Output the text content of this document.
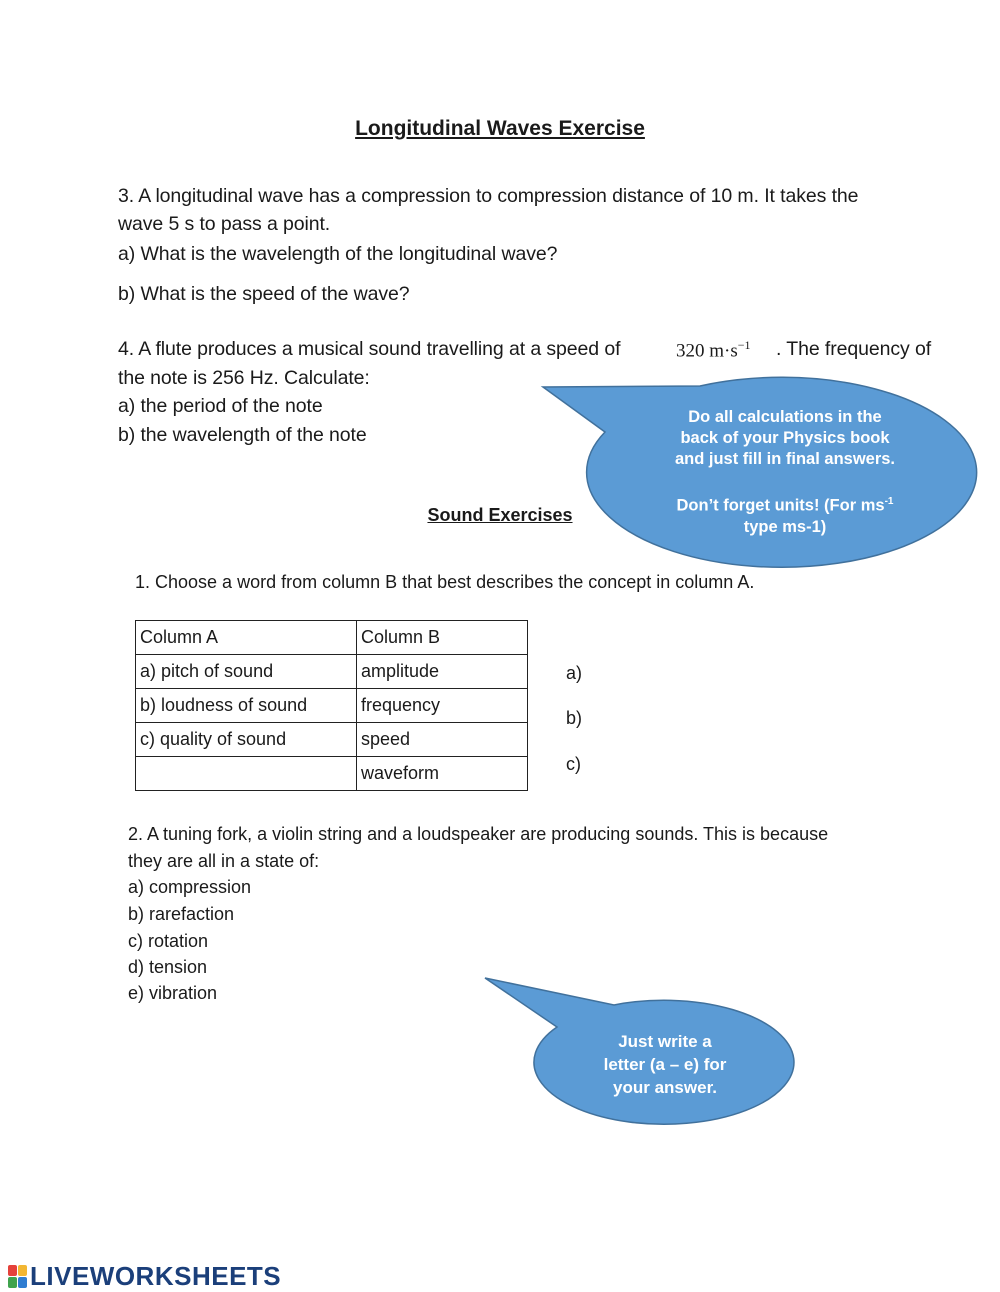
Longitudinal Waves Exercise
3. A longitudinal wave has a compression to compression distance of 10 m. It takes the
wave 5 s to pass a point.
a) What is the wavelength of the longitudinal wave?
b) What is the speed of the wave?
4. A flute produces a musical sound travelling at a speed of	320 $m\cdot s^{-1}$ . The frequency of
the note is 256 Hz. Calculate:
a) the period of the note
b) the wavelength of the note
Do all calculations in the
back of your Physics book
and just fill in final answers.
Don’t forget units! (For $ms^{-1}$
type ms-1)
Sound Exercises
1. Choose a word from column B that best describes the concept in column A.
Column A	Column B
a) pitch of sound	amplitude
b) loudness of sound	frequency
c) quality of sound	speed
	waveform
a)
b)
c)
2. A tuning fork, a violin string and a loudspeaker are producing sounds. This is because
they are all in a state of:
a) compression
b) rarefaction
c) rotation
d) tension
e) vibration
Just write a
letter (a – e) for
your answer.
LIVEWORKSHEETS
